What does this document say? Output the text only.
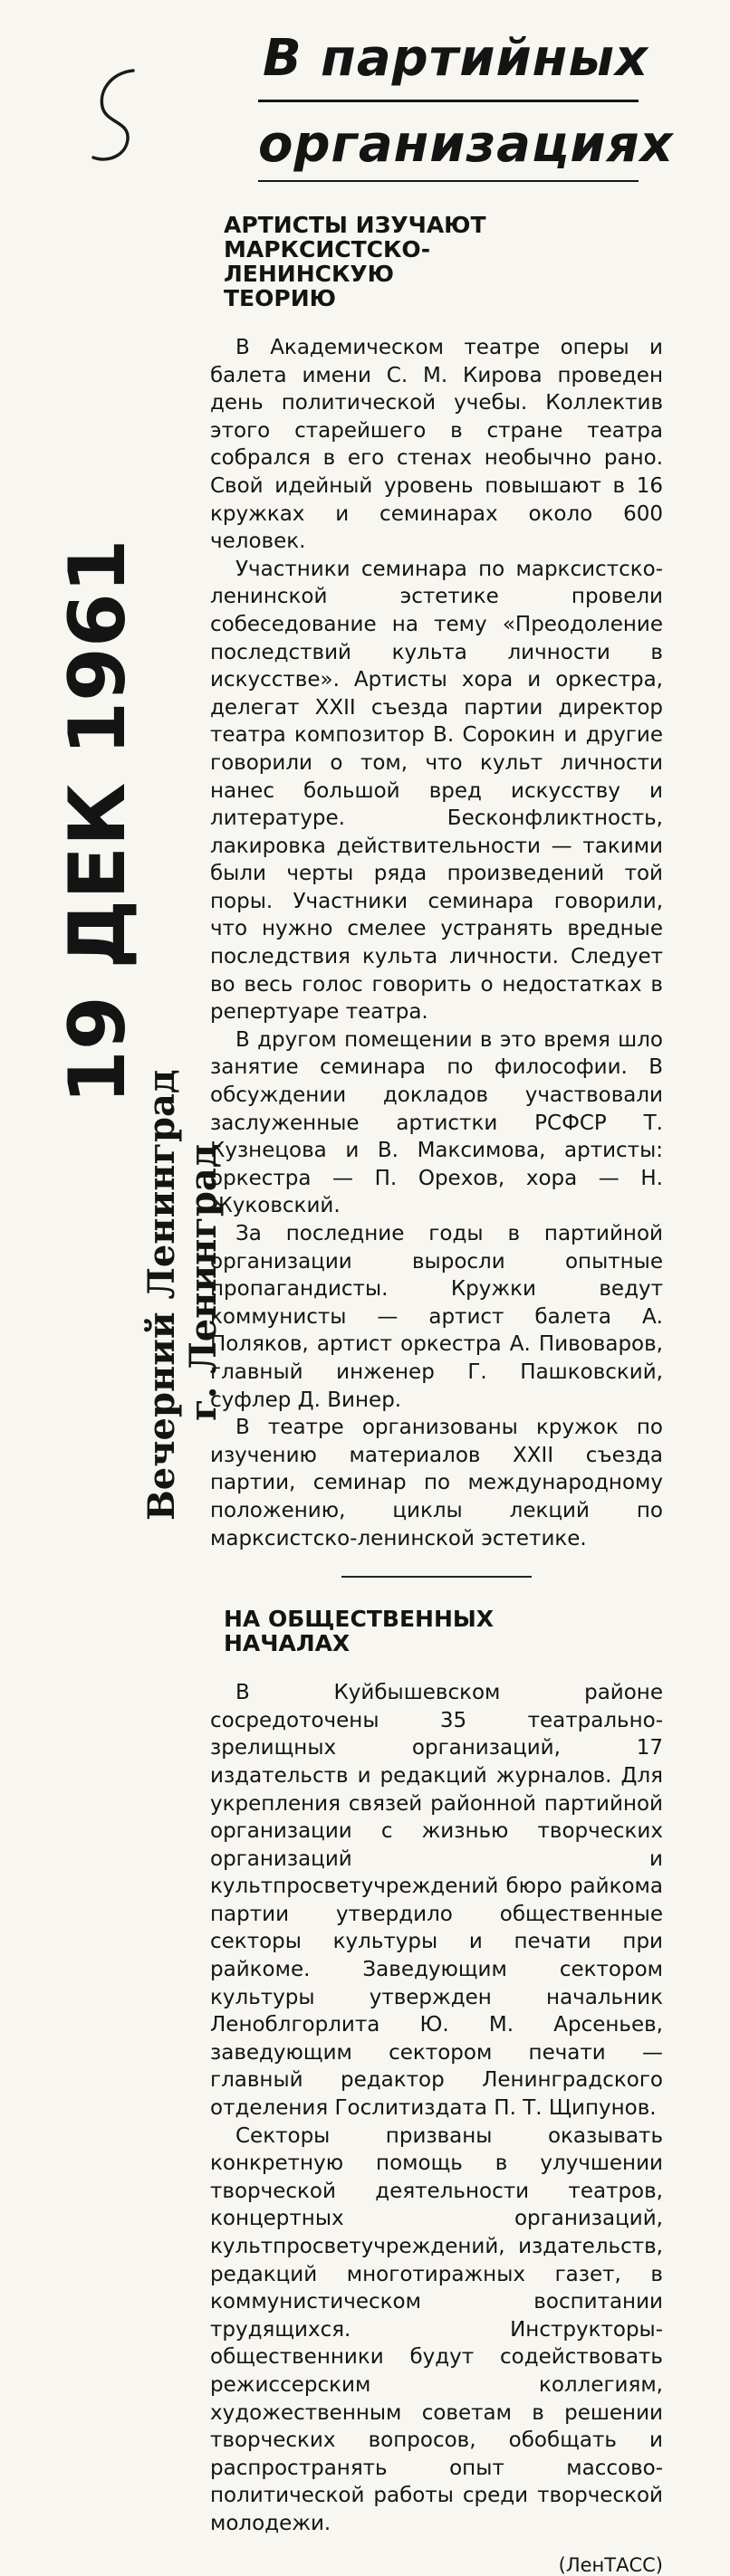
В партийных
организациях
19 ДЕК 1961
Вечерний Ленинград г. Ленинград
АРТИСТЫ ИЗУЧАЮТ
МАРКСИСТСКО-
ЛЕНИНСКУЮ
ТЕОРИЮ

В Академическом театре оперы и балета имени С. М. Кирова проведен день политической учебы. Коллектив этого старейшего в стране театра собрался в его стенах необычно рано. Свой идейный уровень повышают в 16 кружках и семинарах около 600 человек.

Участники семинара по марксистско-ленинской эстетике провели собеседование на тему «Преодоление последствий культа личности в искусстве». Артисты хора и оркестра, делегат XXII съезда партии директор театра композитор В. Сорокин и другие говорили о том, что культ личности нанес большой вред искусству и литературе. Бесконфликтность, лакировка действительности — такими были черты ряда произведений той поры. Участники семинара говорили, что нужно смелее устранять вредные последствия культа личности. Следует во весь голос говорить о недостатках в репертуаре театра.

В другом помещении в это время шло занятие семинара по философии. В обсуждении докладов участвовали заслуженные артистки РСФСР Т. Кузнецова и В. Максимова, артисты: оркестра — П. Орехов, хора — Н. Жуковский.

За последние годы в партийной организации выросли опытные пропагандисты. Кружки ведут коммунисты — артист балета А. Поляков, артист оркестра А. Пивоваров, главный инженер Г. Пашковский, суфлер Д. Винер.

В театре организованы кружок по изучению материалов XXII съезда партии, семинар по международному положению, циклы лекций по марксистско-ленинской эстетике.

НА ОБЩЕСТВЕННЫХ
НАЧАЛАХ

В Куйбышевском районе сосредоточены 35 театрально-зрелищных организаций, 17 издательств и редакций журналов. Для укрепления связей районной партийной организации с жизнью творческих организаций и культпросветучреждений бюро райкома партии утвердило общественные секторы культуры и печати при райкоме. Заведующим сектором культуры утвержден начальник Леноблгорлита Ю. М. Арсеньев, заведующим сектором печати — главный редактор Ленинградского отделения Гослитиздата П. Т. Щипунов.

Секторы призваны оказывать конкретную помощь в улучшении творческой деятельности театров, концертных организаций, культпросветучреждений, издательств, редакций многотиражных газет, в коммунистическом воспитании трудящихся. Инструкторы-общественники будут содействовать режиссерским коллегиям, художественным советам в решении творческих вопросов, обобщать и распространять опыт массово-политической работы среди творческой молодежи.

(ЛенТАСС)
